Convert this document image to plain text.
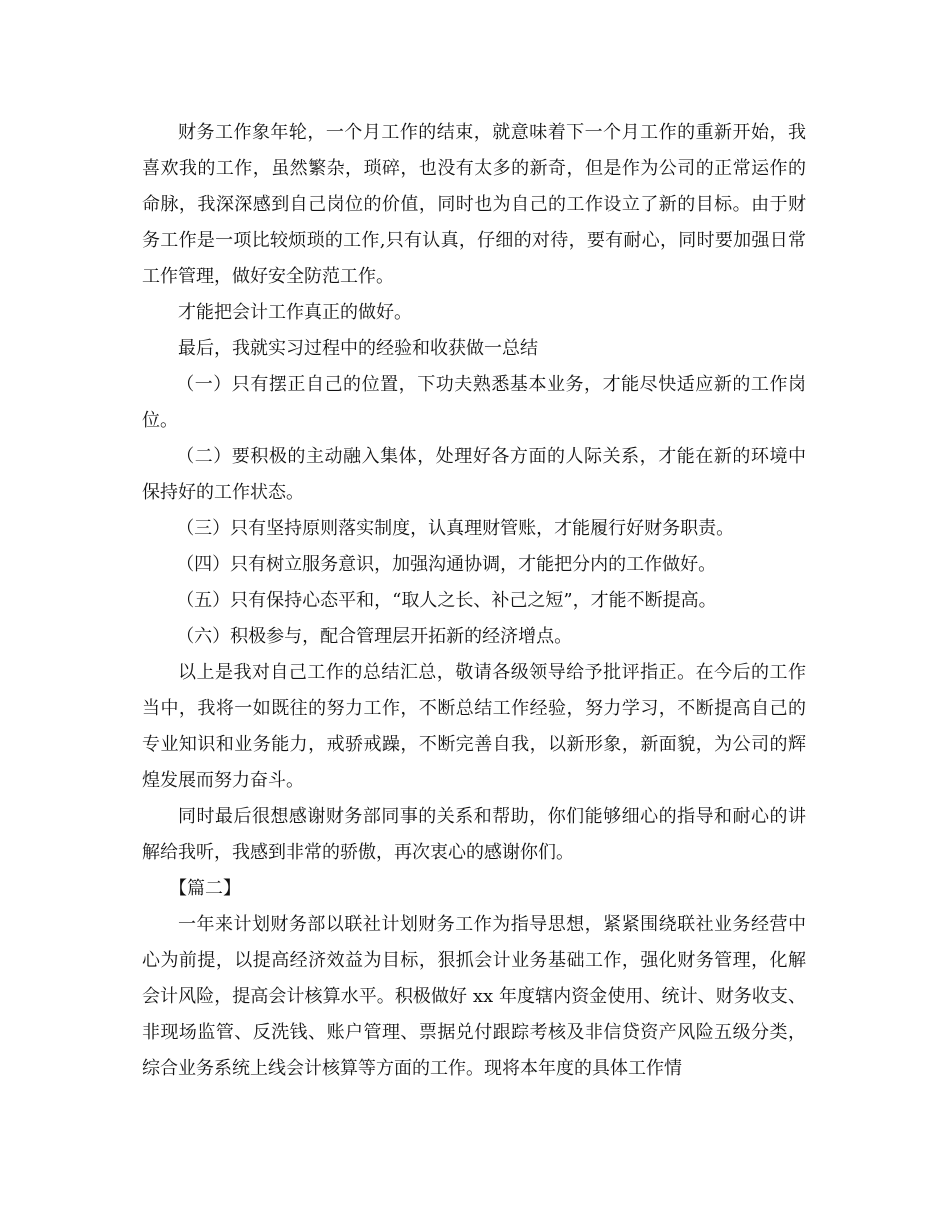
财务工作象年轮，一个月工作的结束，就意味着下一个月工作的重新开始，我喜欢我的工作，虽然繁杂，琐碎，也没有太多的新奇，但是作为公司的正常运作的命脉，我深深感到自己岗位的价值，同时也为自己的工作设立了新的目标。由于财务工作是一项比较烦琐的工作,只有认真，仔细的对待，要有耐心，同时要加强日常工作管理，做好安全防范工作。

才能把会计工作真正的做好。

最后，我就实习过程中的经验和收获做一总结

（一）只有摆正自己的位置，下功夫熟悉基本业务，才能尽快适应新的工作岗位。

（二）要积极的主动融入集体，处理好各方面的人际关系，才能在新的环境中保持好的工作状态。

（三）只有坚持原则落实制度，认真理财管账，才能履行好财务职责。

（四）只有树立服务意识，加强沟通协调，才能把分内的工作做好。

（五）只有保持心态平和，“取人之长、补己之短”，才能不断提高。

（六）积极参与，配合管理层开拓新的经济增点。

以上是我对自己工作的总结汇总，敬请各级领导给予批评指正。在今后的工作当中，我将一如既往的努力工作，不断总结工作经验，努力学习，不断提高自己的专业知识和业务能力，戒骄戒躁，不断完善自我，以新形象，新面貌，为公司的辉煌发展而努力奋斗。

同时最后很想感谢财务部同事的关系和帮助，你们能够细心的指导和耐心的讲解给我听，我感到非常的骄傲，再次衷心的感谢你们。

【篇二】

一年来计划财务部以联社计划财务工作为指导思想，紧紧围绕联社业务经营中心为前提，以提高经济效益为目标，狠抓会计业务基础工作，强化财务管理，化解会计风险，提高会计核算水平。积极做好 xx 年度辖内资金使用、统计、财务收支、非现场监管、反洗钱、账户管理、票据兑付跟踪考核及非信贷资产风险五级分类，综合业务系统上线会计核算等方面的工作。现将本年度的具体工作情
